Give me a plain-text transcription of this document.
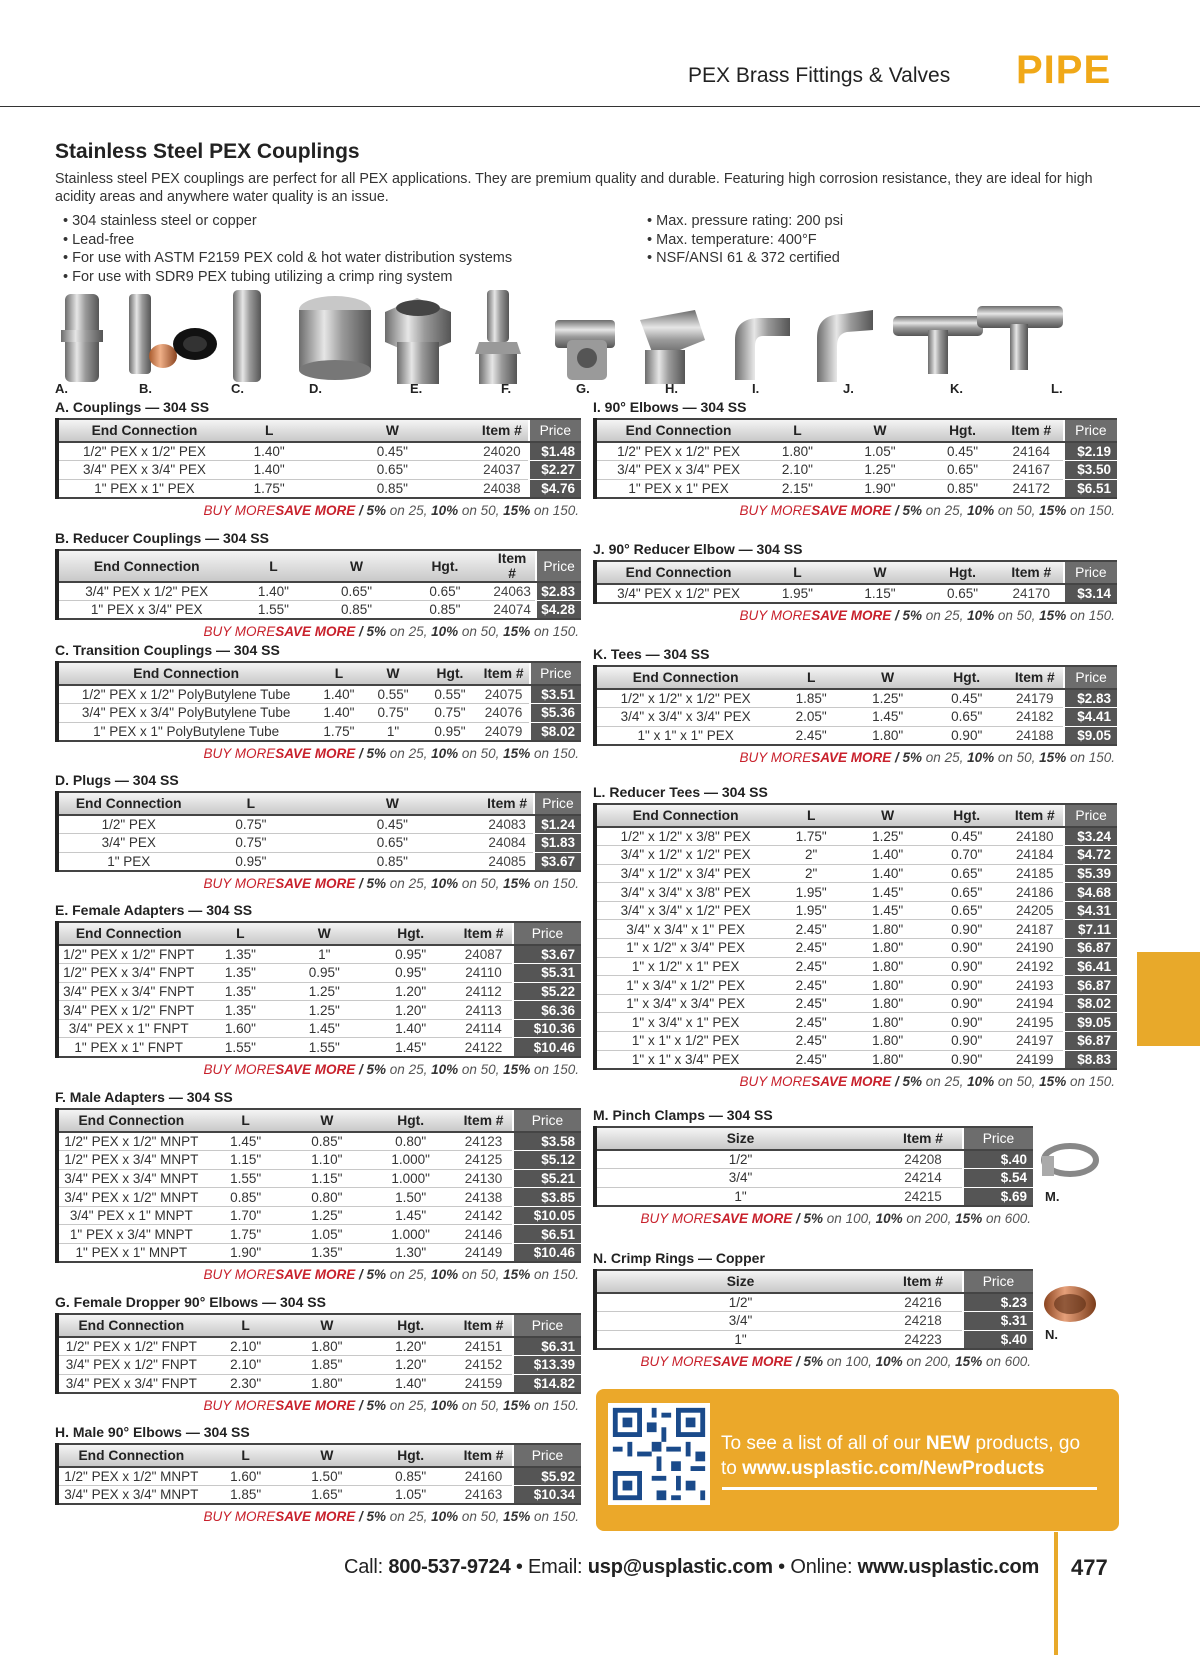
PEX Brass Fittings & Valves PIPE
Stainless Steel PEX Couplings
Stainless steel PEX couplings are perfect for all PEX applications. They are premium quality and durable. Featuring high corrosion resistance, they are ideal for high acidity areas and anywhere water quality is an issue.
• 304 stainless steel or copper
• Lead-free
• For use with ASTM F2159 PEX cold & hot water distribution systems
• For use with SDR9 PEX tubing utilizing a crimp ring system
• Max. pressure rating: 200 psi
• Max. temperature: 400°F
• NSF/ANSI 61 & 372 certified
A.	B.	C.	D.	E.	F.	G.	H.	I.	J.	K.	L.
A. Couplings — 304 SS
End Connection	L	W	Item #	Price
1/2" PEX x 1/2" PEX	1.40"	0.45"	24020	$1.48
3/4" PEX x 3/4" PEX	1.40"	0.65"	24037	$2.27
1" PEX x 1" PEX	1.75"	0.85"	24038	$4.76
BUY MORESAVE MORE / 5% on 25, 10% on 50, 15% on 150.
B. Reducer Couplings — 304 SS
End Connection	L	W	Hgt.	Item #	Price
3/4" PEX x 1/2" PEX	1.40"	0.65"	0.65"	24063	$2.83
1" PEX x 3/4" PEX	1.55"	0.85"	0.85"	24074	$4.28
BUY MORESAVE MORE / 5% on 25, 10% on 50, 15% on 150.
C. Transition Couplings — 304 SS
End Connection	L	W	Hgt.	Item #	Price
1/2" PEX x 1/2" PolyButylene Tube	1.40"	0.55"	0.55"	24075	$3.51
3/4" PEX x 3/4" PolyButylene Tube	1.40"	0.75"	0.75"	24076	$5.36
1" PEX x 1" PolyButylene Tube	1.75"	1"	0.95"	24079	$8.02
BUY MORESAVE MORE / 5% on 25, 10% on 50, 15% on 150.
D. Plugs — 304 SS
End Connection	L	W	Item #	Price
1/2" PEX	0.75"	0.45"	24083	$1.24
3/4" PEX	0.75"	0.65"	24084	$1.83
1" PEX	0.95"	0.85"	24085	$3.67
BUY MORESAVE MORE / 5% on 25, 10% on 50, 15% on 150.
E. Female Adapters — 304 SS
End Connection	L	W	Hgt.	Item #	Price
1/2" PEX x 1/2" FNPT	1.35"	1"	0.95"	24087	$3.67
1/2" PEX x 3/4" FNPT	1.35"	0.95"	0.95"	24110	$5.31
3/4" PEX x 3/4" FNPT	1.35"	1.25"	1.20"	24112	$5.22
3/4" PEX x 1/2" FNPT	1.35"	1.25"	1.20"	24113	$6.36
3/4" PEX x 1" FNPT	1.60"	1.45"	1.40"	24114	$10.36
1" PEX x 1" FNPT	1.55"	1.55"	1.45"	24122	$10.46
BUY MORESAVE MORE / 5% on 25, 10% on 50, 15% on 150.
F. Male Adapters — 304 SS
End Connection	L	W	Hgt.	Item #	Price
1/2" PEX x 1/2" MNPT	1.45"	0.85"	0.80"	24123	$3.58
1/2" PEX x 3/4" MNPT	1.15"	1.10"	1.000"	24125	$5.12
3/4" PEX x 3/4" MNPT	1.55"	1.15"	1.000"	24130	$5.21
3/4" PEX x 1/2" MNPT	0.85"	0.80"	1.50"	24138	$3.85
3/4" PEX x 1" MNPT	1.70"	1.25"	1.45"	24142	$10.05
1" PEX x 3/4" MNPT	1.75"	1.05"	1.000"	24146	$6.51
1" PEX x 1" MNPT	1.90"	1.35"	1.30"	24149	$10.46
BUY MORESAVE MORE / 5% on 25, 10% on 50, 15% on 150.
G. Female Dropper 90° Elbows — 304 SS
End Connection	L	W	Hgt.	Item #	Price
1/2" PEX x 1/2" FNPT	2.10"	1.80"	1.20"	24151	$6.31
3/4" PEX x 1/2" FNPT	2.10"	1.85"	1.20"	24152	$13.39
3/4" PEX x 3/4" FNPT	2.30"	1.80"	1.40"	24159	$14.82
BUY MORESAVE MORE / 5% on 25, 10% on 50, 15% on 150.
H. Male 90° Elbows — 304 SS
End Connection	L	W	Hgt.	Item #	Price
1/2" PEX x 1/2" MNPT	1.60"	1.50"	0.85"	24160	$5.92
3/4" PEX x 3/4" MNPT	1.85"	1.65"	1.05"	24163	$10.34
BUY MORESAVE MORE / 5% on 25, 10% on 50, 15% on 150.
I. 90° Elbows — 304 SS
End Connection	L	W	Hgt.	Item #	Price
1/2" PEX x 1/2" PEX	1.80"	1.05"	0.45"	24164	$2.19
3/4" PEX x 3/4" PEX	2.10"	1.25"	0.65"	24167	$3.50
1" PEX x 1" PEX	2.15"	1.90"	0.85"	24172	$6.51
BUY MORESAVE MORE / 5% on 25, 10% on 50, 15% on 150.
J. 90° Reducer Elbow — 304 SS
End Connection	L	W	Hgt.	Item #	Price
3/4" PEX x 1/2" PEX	1.95"	1.15"	0.65"	24170	$3.14
BUY MORESAVE MORE / 5% on 25, 10% on 50, 15% on 150.
K. Tees — 304 SS
End Connection	L	W	Hgt.	Item #	Price
1/2" x 1/2" x 1/2" PEX	1.85"	1.25"	0.45"	24179	$2.83
3/4" x 3/4" x 3/4" PEX	2.05"	1.45"	0.65"	24182	$4.41
1" x 1" x 1" PEX	2.45"	1.80"	0.90"	24188	$9.05
BUY MORESAVE MORE / 5% on 25, 10% on 50, 15% on 150.
L. Reducer Tees — 304 SS
End Connection	L	W	Hgt.	Item #	Price
1/2" x 1/2" x 3/8" PEX	1.75"	1.25"	0.45"	24180	$3.24
3/4" x 1/2" x 1/2" PEX	2"	1.40"	0.70"	24184	$4.72
3/4" x 1/2" x 3/4" PEX	2"	1.40"	0.65"	24185	$5.39
3/4" x 3/4" x 3/8" PEX	1.95"	1.45"	0.65"	24186	$4.68
3/4" x 3/4" x 1/2" PEX	1.95"	1.45"	0.65"	24205	$4.31
3/4" x 3/4" x 1" PEX	2.45"	1.80"	0.90"	24187	$7.11
1" x 1/2" x 3/4" PEX	2.45"	1.80"	0.90"	24190	$6.87
1" x 1/2" x 1" PEX	2.45"	1.80"	0.90"	24192	$6.41
1" x 3/4" x 1/2" PEX	2.45"	1.80"	0.90"	24193	$6.87
1" x 3/4" x 3/4" PEX	2.45"	1.80"	0.90"	24194	$8.02
1" x 3/4" x 1" PEX	2.45"	1.80"	0.90"	24195	$9.05
1" x 1" x 1/2" PEX	2.45"	1.80"	0.90"	24197	$6.87
1" x 1" x 3/4" PEX	2.45"	1.80"	0.90"	24199	$8.83
BUY MORESAVE MORE / 5% on 25, 10% on 50, 15% on 150.
M. Pinch Clamps — 304 SS
Size	Item #	Price
1/2"	24208	$.40
3/4"	24214	$.54
1"	24215	$.69
BUY MORESAVE MORE / 5% on 100, 10% on 200, 15% on 600.
N. Crimp Rings — Copper
Size	Item #	Price
1/2"	24216	$.23
3/4"	24218	$.31
1"	24223	$.40
BUY MORESAVE MORE / 5% on 100, 10% on 200, 15% on 600.
M.
N.
To see a list of all of our NEW products, go
to www.usplastic.com/NewProducts
Call: 800-537-9724 • Email: usp@usplastic.com • Online: www.usplastic.com 477
